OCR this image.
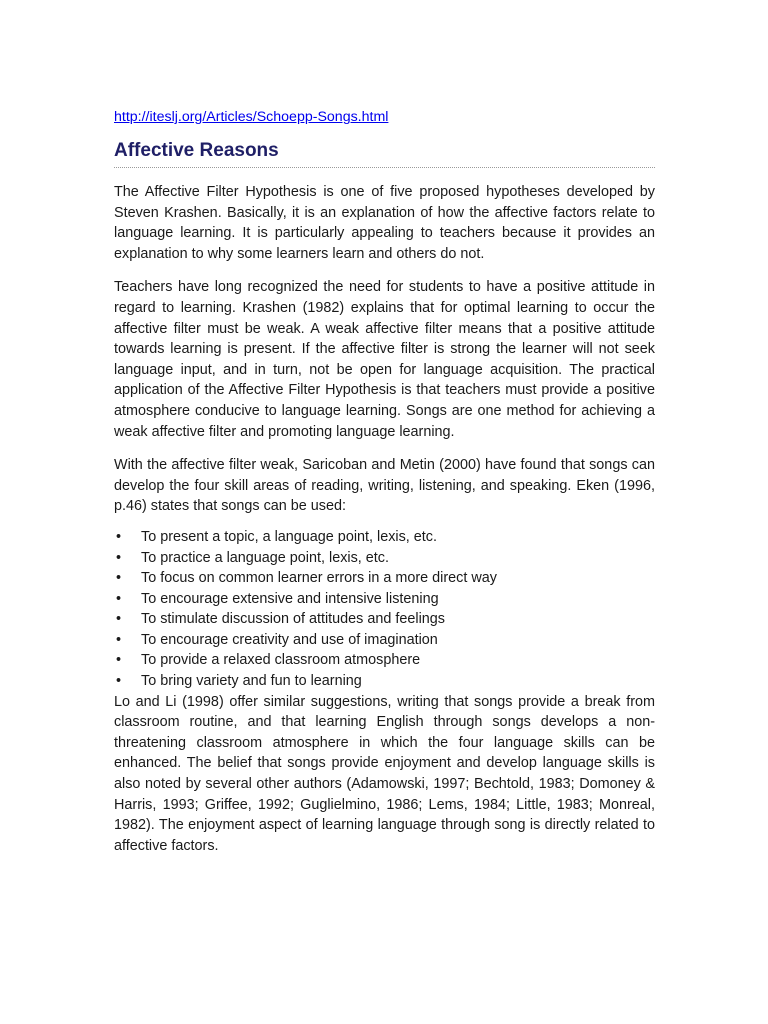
http://iteslj.org/Articles/Schoepp-Songs.html
Affective Reasons

The Affective Filter Hypothesis is one of five proposed hypotheses developed by Steven Krashen. Basically, it is an explanation of how the affective factors relate to language learning. It is particularly appealing to teachers because it provides an explanation to why some learners learn and others do not.

Teachers have long recognized the need for students to have a positive attitude in regard to learning. Krashen (1982) explains that for optimal learning to occur the affective filter must be weak. A weak affective filter means that a positive attitude towards learning is present. If the affective filter is strong the learner will not seek language input, and in turn, not be open for language acquisition. The practical application of the Affective Filter Hypothesis is that teachers must provide a positive atmosphere conducive to language learning. Songs are one method for achieving a weak affective filter and promoting language learning.

With the affective filter weak, Saricoban and Metin (2000) have found that songs can develop the four skill areas of reading, writing, listening, and speaking. Eken (1996, p.46) states that songs can be used:

• To present a topic, a language point, lexis, etc.
• To practice a language point, lexis, etc.
• To focus on common learner errors in a more direct way
• To encourage extensive and intensive listening
• To stimulate discussion of attitudes and feelings
• To encourage creativity and use of imagination
• To provide a relaxed classroom atmosphere
• To bring variety and fun to learning

Lo and Li (1998) offer similar suggestions, writing that songs provide a break from classroom routine, and that learning English through songs develops a non-threatening classroom atmosphere in which the four language skills can be enhanced. The belief that songs provide enjoyment and develop language skills is also noted by several other authors (Adamowski, 1997; Bechtold, 1983; Domoney & Harris, 1993; Griffee, 1992; Guglielmino, 1986; Lems, 1984; Little, 1983; Monreal, 1982). The enjoyment aspect of learning language through song is directly related to affective factors.
